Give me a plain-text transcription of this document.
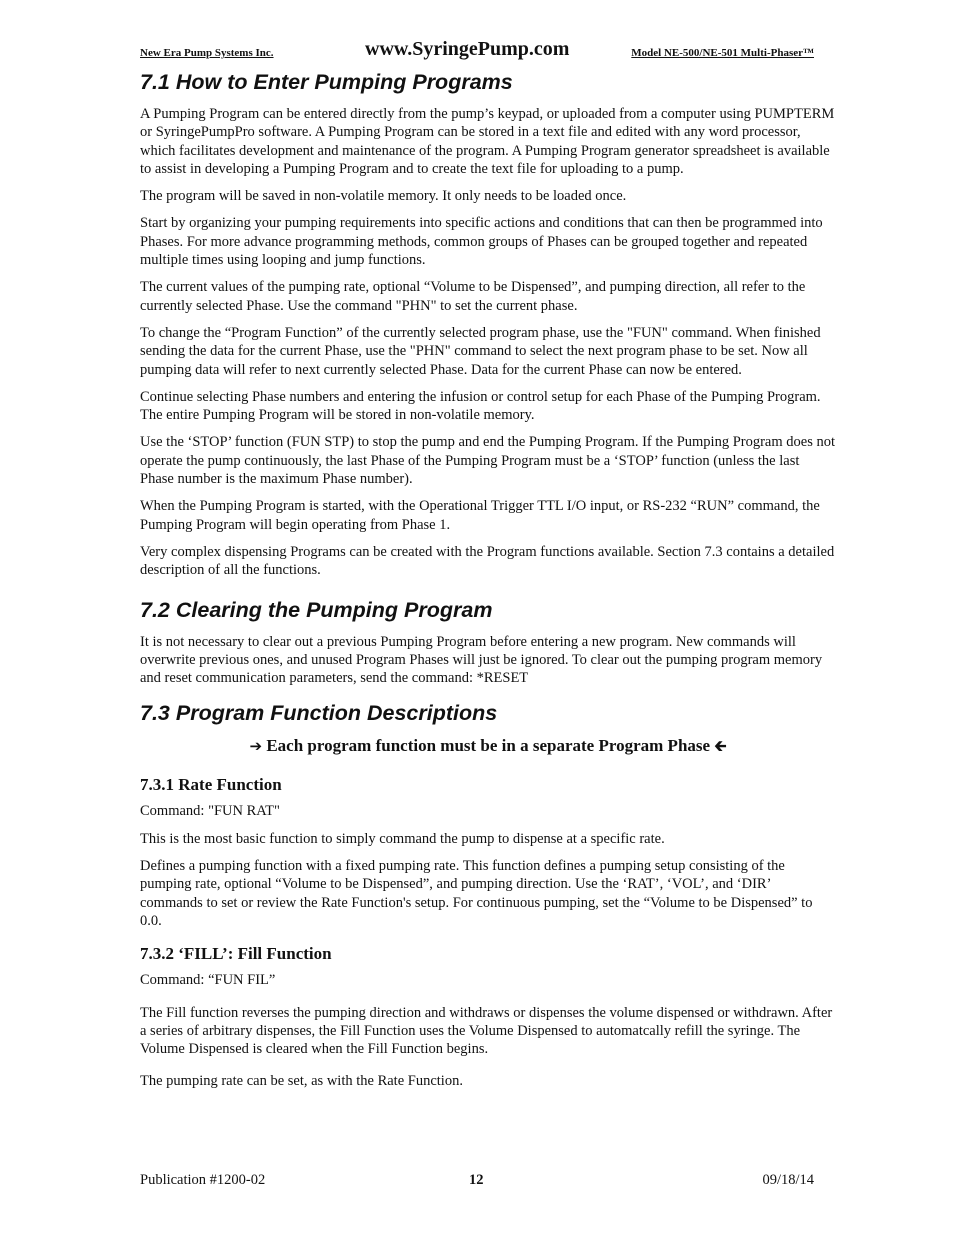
New Era Pump Systems Inc.	www.SyringePump.com	Model NE-500/NE-501 Multi-Phaser™
7.1 How to Enter Pumping Programs

A Pumping Program can be entered directly from the pump’s keypad, or uploaded from a computer using PUMPTERM or SyringePumpPro software. A Pumping Program can be stored in a text file and edited with any word processor, which facilitates development and maintenance of the program. A Pumping Program generator spreadsheet is available to assist in developing a Pumping Program and to create the text file for uploading to a pump.

The program will be saved in non-volatile memory. It only needs to be loaded once.

Start by organizing your pumping requirements into specific actions and conditions that can then be programmed into Phases. For more advance programming methods, common groups of Phases can be grouped together and repeated multiple times using looping and jump functions.

The current values of the pumping rate, optional “Volume to be Dispensed”, and pumping direction, all refer to the currently selected Phase. Use the command "PHN" to set the current phase.

To change the “Program Function” of the currently selected program phase, use the "FUN" command. When finished sending the data for the current Phase, use the "PHN" command to select the next program phase to be set. Now all pumping data will refer to next currently selected Phase. Data for the current Phase can now be entered.

Continue selecting Phase numbers and entering the infusion or control setup for each Phase of the Pumping Program. The entire Pumping Program will be stored in non-volatile memory.

Use the ‘STOP’ function (FUN STP) to stop the pump and end the Pumping Program. If the Pumping Program does not operate the pump continuously, the last Phase of the Pumping Program must be a ‘STOP’ function (unless the last Phase number is the maximum Phase number).

When the Pumping Program is started, with the Operational Trigger TTL I/O input, or RS-232 “RUN” command, the Pumping Program will begin operating from Phase 1.

Very complex dispensing Programs can be created with the Program functions available. Section 7.3 contains a detailed description of all the functions.

7.2 Clearing the Pumping Program

It is not necessary to clear out a previous Pumping Program before entering a new program. New commands will overwrite previous ones, and unused Program Phases will just be ignored. To clear out the pumping program memory and reset communication parameters, send the command: *RESET

7.3 Program Function Descriptions
➔ Each program function must be in a separate Program Phase 🡰
7.3.1 Rate Function

Command: "FUN RAT"

This is the most basic function to simply command the pump to dispense at a specific rate.

Defines a pumping function with a fixed pumping rate. This function defines a pumping setup consisting of the pumping rate, optional “Volume to be Dispensed”, and pumping direction. Use the ‘RAT’, ‘VOL’, and ‘DIR’ commands to set or review the Rate Function's setup. For continuous pumping, set the “Volume to be Dispensed” to 0.0.

7.3.2 ‘FILL’: Fill Function

Command: “FUN FIL”

The Fill function reverses the pumping direction and withdraws or dispenses the volume dispensed or withdrawn. After a series of arbitrary dispenses, the Fill Function uses the Volume Dispensed to automatcally refill the syringe. The Volume Dispensed is cleared when the Fill Function begins.

The pumping rate can be set, as with the Rate Function.

Publication #1200-02	12	09/18/14
